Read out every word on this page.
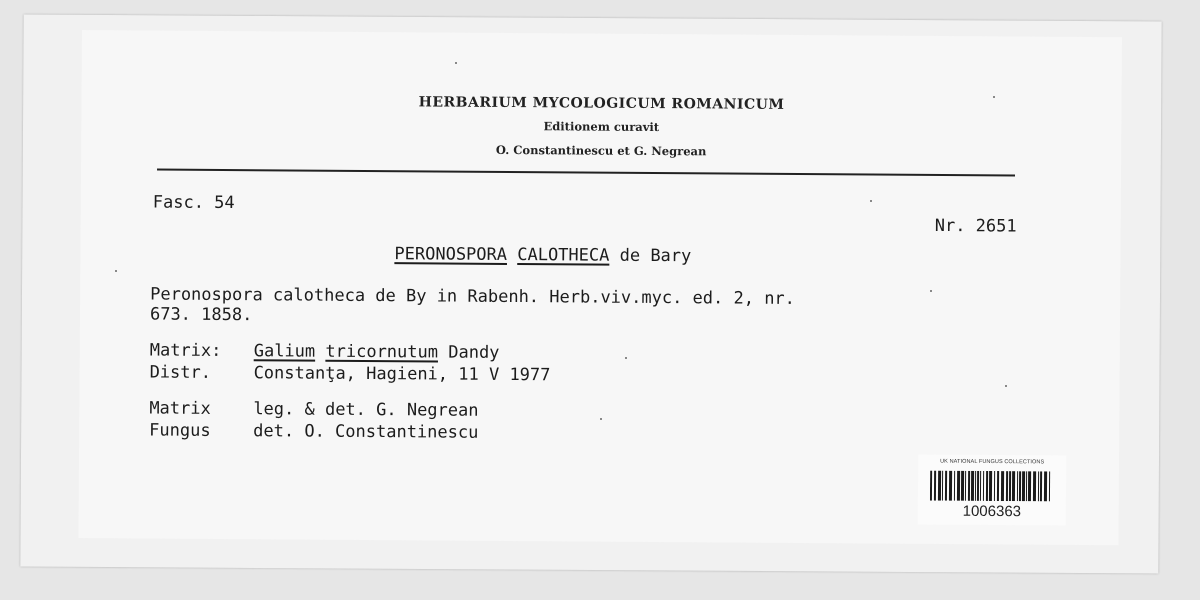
HERBARIUM MYCOLOGICUM ROMANICUM
Editionem curavit
O. Constantinescu et G. Negrean
Fasc. 54
Nr. 2651
PERONOSPORA CALOTHECA de Bary
Peronospora calotheca de By in Rabenh. Herb.viv.myc. ed. 2, nr.
673. 1858.
Matrix: Galium tricornutum Dandy
Distr. Constanţa, Hagieni, 11 V 1977
Matrix leg. & det. G. Negrean
Fungus det. O. Constantinescu
UK NATIONAL FUNGUS COLLECTIONS
1006363
